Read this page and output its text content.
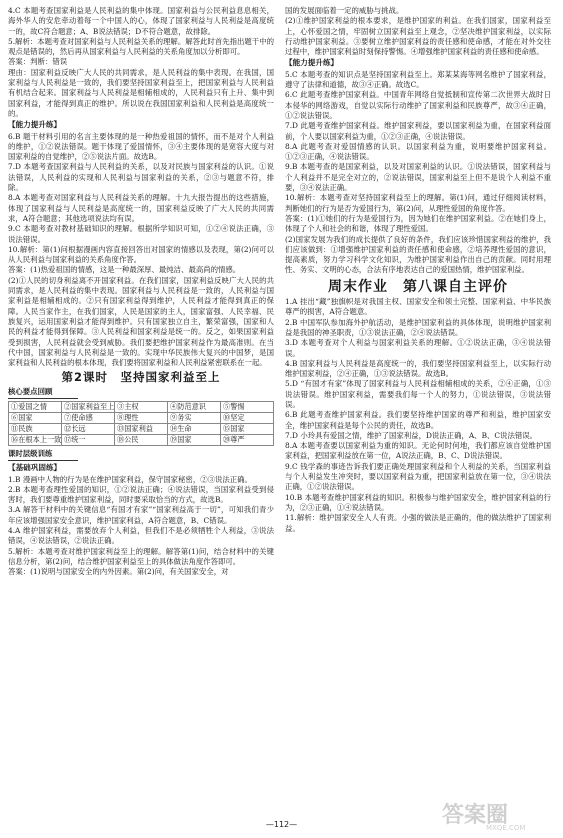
4.C 本题考查国家利益是人民利益的集中体现。国家利益与公民利益息息相关，海外华人的安危牵动着每一个中国人的心，体现了国家利益与人民利益是高度统一的，故C符合题意；A、B说法错误；D不符合题意，故排除。

5.解析：本题考查对国家利益与人民利益关系的理解。解答此时首先指出题干中的观点是错误的，然后再从国家利益与人民利益的关系角度加以分析即可。

答案：判断：错误

理由：国家利益反映广大人民的共同需求，是人民利益的集中表现。在我国，国家利益与人民利益是一致的，我们要坚持国家利益至上，把国家利益与人民利益有机结合起来。国家利益与人民利益是相辅相成的，人民利益只有上升、集中到国家利益，才能得到真正的维护。所以说在我国国家利益和人民利益是高度统一的。

【能力提升练】

6.B 题干材料引用的名言主要体现的是一种热爱祖国的情怀，而不是对个人利益的维护，①②说法错误。题干体现了爱国情怀，③④主要体现的是宽容大度与对国家利益的自觉维护，②⑤说法片面。故选B。

7.D 本题考查国家利益与人民利益的关系，以及对民族与国家利益的认识。①说法错误，人民利益的实现和人民利益与国家利益的关系，②③与题意不符，排除。

8.A 本题考查对国家利益与人民利益关系的理解。十九大报告提出的这些措施，体现了国家利益与人民利益是高度统一的，国家利益反映了广大人民的共同需求，A符合题意；其他选项说法均有误。

9.C 本题考查对教材基础知识的理解。根据所学知识可知，①②④说法正确，③说法错误。

10.解析：第(1)问根据漫画内容直接回答出对国家的情感以及表现，第(2)问可以从人民利益与国家利益的关系角度作答。

答案：(1)热爱祖国的情感，这是一种最深厚、最纯洁、最高尚的情感。

(2)①人民的切身利益离不开国家利益。在我们国家，国家利益反映广大人民的共同需求，是人民利益的集中表现。国家利益与人民利益是一致的，人民利益与国家利益是相辅相成的。②只有国家利益得到维护，人民利益才能得到真正的保障。人民当家作主，在我们国家，人民是国家的主人，国家富强、人民幸福、民族复兴，运用国家利益才能得到维护。只有国家独立自主，繁荣富强，国家和人民的利益才能得到保障。③人民利益和国家利益是统一的。反之，如果国家利益受到损害，人民利益就会受到威胁。我们要把维护国家利益作为最高准则。在当代中国，国家利益与人民利益是一致的。实现中华民族伟大复兴的中国梦，是国家利益和人民利益的根本体现，我们要将国家利益和人民利益紧密联系在一起。

第2课时　坚持国家利益至上
核心要点回顾
①爱国之情	②国家利益至上 ③主权	④防范意识	⑤警惕
⑥国家	⑦使命感	⑧理性	⑨务实	⑩坚定
⑪民族	⑫长远	⑬国家利益	⑭生命	⑮国家
⑯在根本上一致 ⑰统一	⑱公民	⑲国家	⑳尊严
课时层级训练
【基础巩固练】

1.B 漫画中人物的行为是在维护国家利益，保守国家秘密，②③说法正确。

2.B 本题考查理性爱国的知识，①②说法正确；④说法错误，当国家利益受到侵害时，我们要尊重维护国家利益，同时要采取恰当的方式，故选B。

3.A 解答干材料中的关键信息“有国才有家”“国家利益高于一切”，可知我们青少年应该增强国家安全意识，维护国家利益，A符合题意，B、C错误。

4.A 维护国家利益，需要放弃个人利益，但我们不是必须牺牲个人利益，③说法错误，④说法错误，②说法正确。

5.解析：本题考查对维护国家利益至上的理解。解答第(1)问，结合材料中的关键信息分析，第(2)问，结合维护国家利益至上的具体做法角度作答即可。

答案：(1)说明与国家安全的内外因素。第(2)问，有关国家安全，对

国的发展面临着一定的威胁与挑战。

(2)①维护国家利益的根本要求，是维护国家的利益。在我们国家，国家利益至上，心怀爱国之情，牢固树立国家利益至上观念，②坚决维护国家利益，以实际行动维护国家利益。③要树立维护国家利益的责任感和使命感，才能在对外交往过程中，维护国家利益时刻保持警惕。④增强维护国家利益的责任感和使命感。

【能力提升练】

5.C 本题考查的知识点是坚持国家利益至上。郑某某海等网名维护了国家利益，遵守了法律和道德，故③④正确。故选C。

6.C 此题考查维护国家利益。中国青年网络自觉抵制和宣传第二次世界大战时日本侵华的网络游戏，自觉以实际行动维护了国家利益和民族尊严，故③④正确，①②说法错误。

7.D 此题考查维护国家利益。维护国家利益，要以国家利益为重，在国家利益面前，个人要以国家利益为重，①②③正确，④说法错误。

8.A 此题考查对爱国情感的认识。以国家利益为重，说明要维护国家利益。①②③正确，④说法错误。

9.B 本题考查的是国家利益，以及对国家利益的认识。①说法错误，国家利益与个人利益并不是完全对立的，②说法错误，国家利益至上但不是说个人利益不重要，③④说法正确。

10.解析：本题考查对坚持国家利益至上的理解。第(1)问，通过仔细阅读材料，判断她们的行为是否为爱国行为，第(2)问，从理性爱国的角度作答。

答案：(1)①她们的行为是爱国行为，因为她们在维护国家利益。②在她们身上，体现了个人和社会的和谐，体现了理性爱国。

(2)国家发展为我们的成长提供了良好的条件，我们应该珍惜国家利益的维护，我们应该做到：①增强维护国家利益的责任感和使命感，②培养理性爱国的意识，提高素质，努力学习科学文化知识，为维护国家利益作出自己的贡献。同时用理性、务实、文明的心态，合法有序地表达自己的爱国热情，维护国家利益。

周末作业　第八课自主评价

1.A 挂出“藏”独旗帜是对我国主权、国家安全和领土完整、国家利益、中华民族尊严的损害，A符合题意。

2.B 中国军队参加海外护航活动，是维护国家利益的具体体现，说明维护国家利益是我国的神圣职责，①③说法正确，②④说法错误。

3.D 本题考查对个人利益与国家利益关系的理解。①②说法正确，③④说法错误。

4.B 国家利益与人民利益是高度统一的，我们要坚持国家利益至上，以实际行动维护国家利益，②④正确，①③说法错误。故选B。

5.D “有国才有家”体现了国家利益与人民利益相辅相成的关系，②④正确，①③说法错误。维护国家利益，需要我们每一个人的努力，①说法错误，③说法错误。

6.B 此题考查维护国家利益。我们要坚持维护国家的尊严和利益，维护国家安全，维护国家利益是每个公民的责任，故选B。

7.D 小玲具有爱国之情，维护了国家利益，D说法正确，A、B、C说法错误。

8.A 本题考查要以国家利益为重的知识。无论何时何地，我们都应该自觉维护国家利益，把国家利益放在第一位，A说法正确，B、C、D说法错误。

9.C 钱学森的事迹告诉我们要正确处理国家利益和个人利益的关系，当国家利益与个人利益发生冲突时，要以国家利益为重，把国家利益放在第一位，③④说法正确，①②说法错误。

10.B 本题考查维护国家利益的知识。积极参与维护国家安全，维护国家利益的行为，②③正确，①④说法错误。

11.解析：维护国家安全人人有责。小强的做法是正确的，他的做法维护了国家利益。

—112—	答案圈
MXQE.COM
